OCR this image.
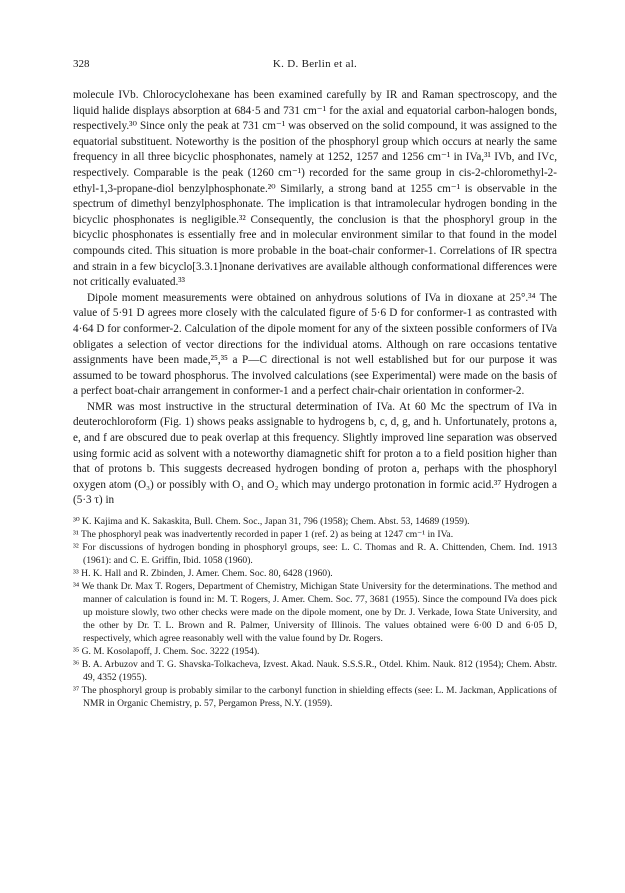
328	K. D. Berlin et al.

molecule IVb. Chlorocyclohexane has been examined carefully by IR and Raman spectroscopy, and the liquid halide displays absorption at 684·5 and 731 cm⁻¹ for the axial and equatorial carbon-halogen bonds, respectively.³⁰ Since only the peak at 731 cm⁻¹ was observed on the solid compound, it was assigned to the equatorial substituent. Noteworthy is the position of the phosphoryl group which occurs at nearly the same frequency in all three bicyclic phosphonates, namely at 1252, 1257 and 1256 cm⁻¹ in IVa,³¹ IVb, and IVc, respectively. Comparable is the peak (1260 cm⁻¹) recorded for the same group in cis-2-chloromethyl-2-ethyl-1,3-propane-diol benzylphosphonate.²⁰ Similarly, a strong band at 1255 cm⁻¹ is observable in the spectrum of dimethyl benzylphosphonate. The implication is that intramolecular hydrogen bonding in the bicyclic phosphonates is negligible.³² Consequently, the conclusion is that the phosphoryl group in the bicyclic phosphonates is essentially free and in molecular environment similar to that found in the model compounds cited. This situation is more probable in the boat-chair conformer-1. Correlations of IR spectra and strain in a few bicyclo[3.3.1]nonane derivatives are available although conformational differences were not critically evaluated.³³

Dipole moment measurements were obtained on anhydrous solutions of IVa in dioxane at 25°.³⁴ The value of 5·91 D agrees more closely with the calculated figure of 5·6 D for conformer-1 as contrasted with 4·64 D for conformer-2. Calculation of the dipole moment for any of the sixteen possible conformers of IVa obligates a selection of vector directions for the individual atoms. Although on rare occasions tentative assignments have been made,²⁵,³⁵ a P—C directional is not well established but for our purpose it was assumed to be toward phosphorus. The involved calculations (see Experimental) were made on the basis of a perfect boat-chair arrangement in conformer-1 and a perfect chair-chair orientation in conformer-2.

NMR was most instructive in the structural determination of IVa. At 60 Mc the spectrum of IVa in deuterochloroform (Fig. 1) shows peaks assignable to hydrogens b, c, d, g, and h. Unfortunately, protons a, e, and f are obscured due to peak overlap at this frequency. Slightly improved line separation was observed using formic acid as solvent with a noteworthy diamagnetic shift for proton a to a field position higher than that of protons b. This suggests decreased hydrogen bonding of proton a, perhaps with the phosphoryl oxygen atom (O₃) or possibly with O₁ and O₂ which may undergo protonation in formic acid.³⁷ Hydrogen a (5·3 τ) in

³⁰ K. Kajima and K. Sakaskita, Bull. Chem. Soc., Japan 31, 796 (1958); Chem. Abst. 53, 14689 (1959).

³¹ The phosphoryl peak was inadvertently recorded in paper 1 (ref. 2) as being at 1247 cm⁻¹ in IVa.

³² For discussions of hydrogen bonding in phosphoryl groups, see: L. C. Thomas and R. A. Chittenden, Chem. Ind. 1913 (1961): and C. E. Griffin, Ibid. 1058 (1960).

³³ H. K. Hall and R. Zbinden, J. Amer. Chem. Soc. 80, 6428 (1960).

³⁴ We thank Dr. Max T. Rogers, Department of Chemistry, Michigan State University for the determinations. The method and manner of calculation is found in: M. T. Rogers, J. Amer. Chem. Soc. 77, 3681 (1955). Since the compound IVa does pick up moisture slowly, two other checks were made on the dipole moment, one by Dr. J. Verkade, Iowa State University, and the other by Dr. T. L. Brown and R. Palmer, University of Illinois. The values obtained were 6·00 D and 6·05 D, respectively, which agree reasonably well with the value found by Dr. Rogers.

³⁵ G. M. Kosolapoff, J. Chem. Soc. 3222 (1954).

³⁶ B. A. Arbuzov and T. G. Shavska-Tolkacheva, Izvest. Akad. Nauk. S.S.S.R., Otdel. Khim. Nauk. 812 (1954); Chem. Abstr. 49, 4352 (1955).

³⁷ The phosphoryl group is probably similar to the carbonyl function in shielding effects (see: L. M. Jackman, Applications of NMR in Organic Chemistry, p. 57, Pergamon Press, N.Y. (1959).
